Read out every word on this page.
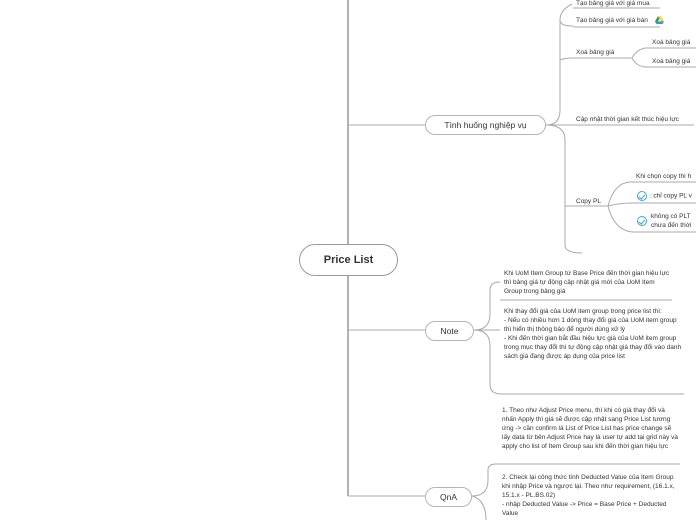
Price List
Tình huống nghiệp vụ
Note
QnA
Tạo bảng giá với giá mua
Tạo bảng giá với giá bán
Xoá bảng giá
Xoá bảng giá
Xoá bảng giá
Cập nhật thời gian kết thúc hiệu lực
Copy PL
Khi chọn copy thì h
□chỉ copy PL v
không có PLT
chưa đến thời
Khi UoM Item Group từ Base Price đến thời gian hiệu lực thì bảng giá tự động cập nhật giá mới của UoM Item Group trong bảng giá
Khi thay đổi giá của UoM item group trong price list thì:
- Nếu có nhiều hơn 1 dòng thay đổi giá của UoM item group thì hiển thị thông báo để người dùng xử lý
- Khi đến thời gian bắt đầu hiệu lực giá của UoM item group trong mục thay đổi thì tự động cập nhật giá thay đổi vào danh sách giá đang được áp dụng của price list
1. Theo như Adjust Price menu, thì khi có giá thay đổi và nhấn Apply thì giá sẽ được cập nhật sang Price List tương ứng -> cần confirm là List of Price List has price change sẽ lấy data từ bên Adjust Price hay là user tự add tại grid này và apply cho list of Item Group sau khi đến thời gian hiệu lực
2. Check lại công thức tính Deducted Value của Item Group khi nhập Price và ngược lại. Theo như requirement, (16.1.x, 15.1.x - PL.BS.02)
- nhập Deducted Value -> Price = Base Price + Deducted Value
